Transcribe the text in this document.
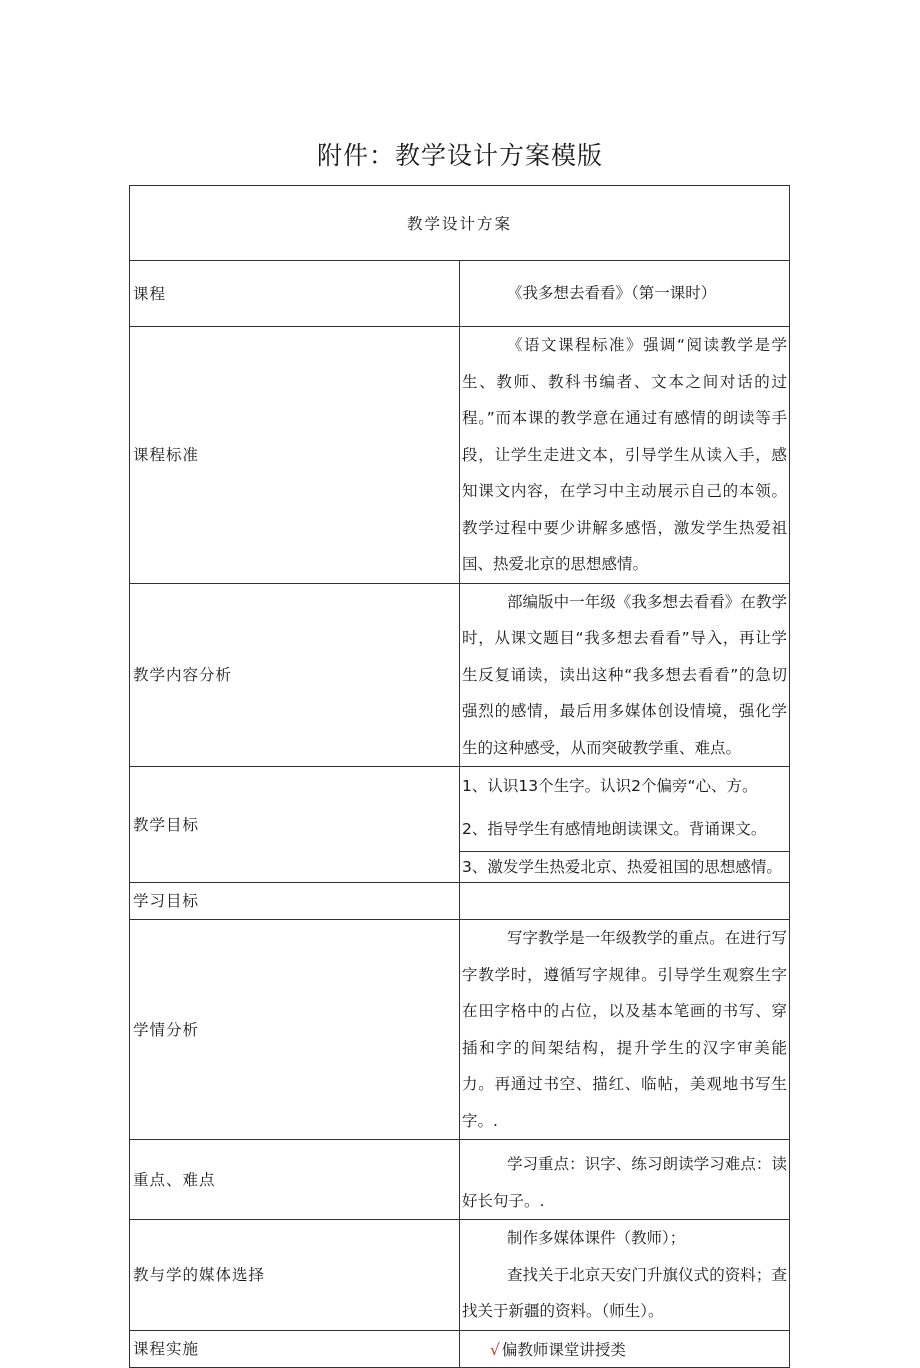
附件：教学设计方案模版
教学设计方案	
课程	《我多想去看看》（第一课时）

课程标准	《语文课程标准》强调“阅读教学是学生、教师、教科书编者、文本之间对话的过程。”而本课的教学意在通过有感情的朗读等手段，让学生走进文本，引导学生从读入手，感知课文内容，在学习中主动展示自己的本领。教学过程中要少讲解多感悟，激发学生热爱祖国、热爱北京的思想感情。

教学内容分析	部编版中一年级《我多想去看看》在教学时，从课文题目“我多想去看看”导入，再让学生反复诵读，读出这种“我多想去看看”的急切强烈的感情，最后用多媒体创设情境，强化学生的这种感受，从而突破教学重、难点。

教学目标	1、认识13个生字。认识2个偏旁“心、方。
2、指导学生有感情地朗读课文。背诵课文。
3、激发学生热爱北京、热爱祖国的思想感情。

学习目标	
学情分析	写字教学是一年级教学的重点。在进行写字教学时，遵循写字规律。引导学生观察生字在田字格中的占位，以及基本笔画的书写、穿插和字的间架结构，提升学生的汉字审美能力。再通过书空、描红、临帖，美观地书写生字。.

重点、难点	学习重点：识字、练习朗读学习难点：读好长句子。.

教与学的媒体选择	制作多媒体课件（教师）；
查找关于北京天安门升旗仪式的资料；查找关于新疆的资料。（师生）。

课程实施	√ 偏教师课堂讲授类
